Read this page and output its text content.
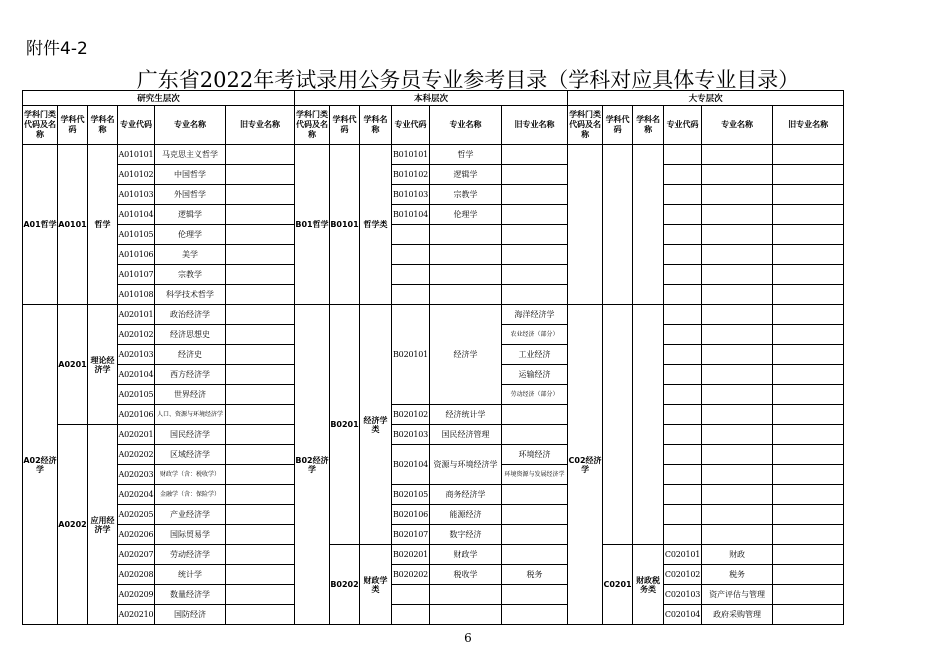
附件4-2
广东省2022年考试录用公务员专业参考目录（学科对应具体专业目录）
研究生层次						本科层次						大专层次					
学科门类代码及名称	学科代码	学科名称	专业代码	专业名称	旧专业名称	学科门类代码及名称	学科代码	学科名称	专业代码	专业名称	旧专业名称	学科门类代码及名称	学科代码	学科名称	专业代码	专业名称	旧专业名称
A01哲学	A0101	哲学	A010101	马克思主义哲学		B01哲学	B0101	哲学类	B010101	哲学							
			A010102	中国哲学					B010102	逻辑学							
			A010103	外国哲学					B010103	宗教学							
			A010104	逻辑学					B010104	伦理学							
			A010105	伦理学													
			A010106	美学													
			A010107	宗教学													
			A010108	科学技术哲学													
A02经济学	A0201	理论经济学	A020101	政治经济学		B02经济学	B0201	经济学类	B020101	经济学	海洋经济学	C02经济学					
			A020102	经济思想史							农业经济（部分）						
			A020103	经济史							工业经济						
			A020104	西方经济学							运输经济						
			A020105	世界经济							劳动经济（部分）						
			A020106	人口、资源与环境经济学					B020102	经济统计学							
	A0202	应用经济学	A020201	国民经济学					B020103	国民经济管理							
			A020202	区域经济学					B020104	资源与环境经济学	环境经济						
			A020203	财政学（含：税收学）							环境资源与发展经济学						
			A020204	金融学（含：保险学）					B020105	商务经济学							
			A020205	产业经济学					B020106	能源经济							
			A020206	国际贸易学					B020107	数字经济							
			A020207	劳动经济学			B0202	财政学类	B020201	财政学			C0201	财政税务类	C020101	财政	
			A020208	统计学					B020202	税收学	税务				C020102	税务	
			A020209	数量经济学											C020103	资产评估与管理	
			A020210	国防经济											C020104	政府采购管理	
6
